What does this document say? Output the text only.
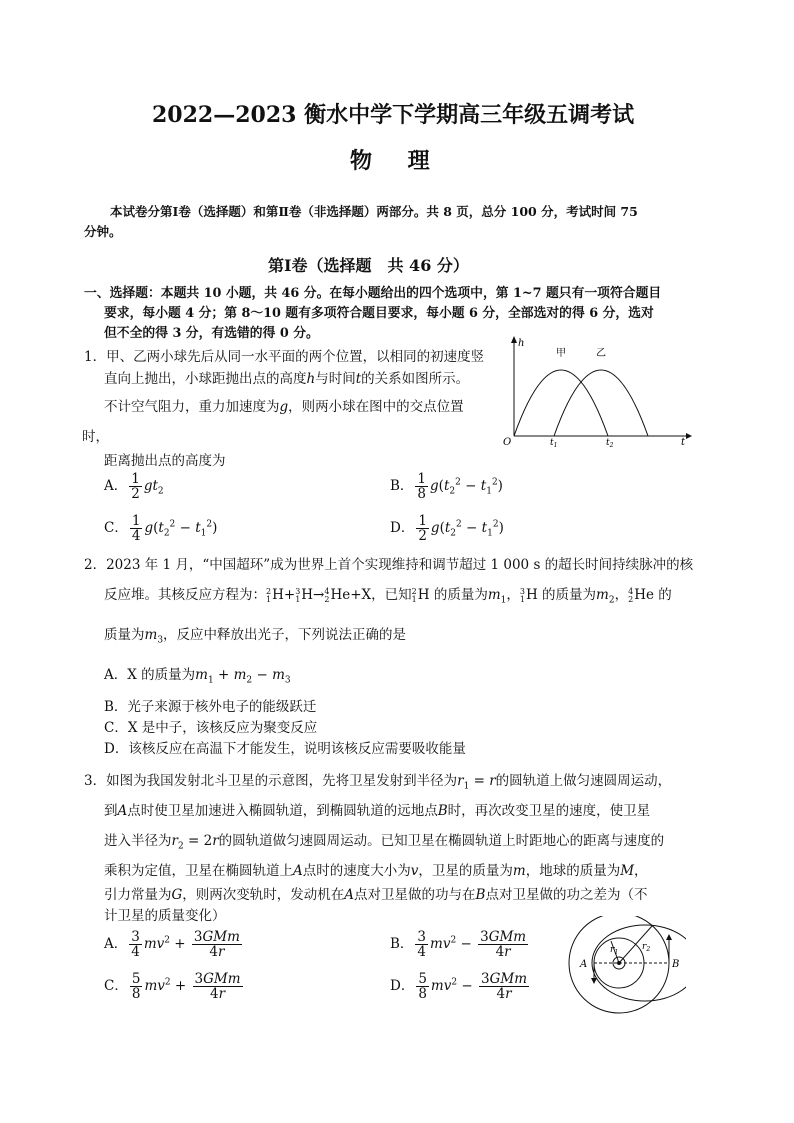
2022—2023 衡水中学下学期高三年级五调考试
物 理
本试卷分第Ⅰ卷（选择题）和第Ⅱ卷（非选择题）两部分。共 8 页，总分 100 分，考试时间 75
分钟。
第Ⅰ卷（选择题　共 46 分）
一、选择题：本题共 10 小题，共 46 分。在每小题给出的四个选项中，第 1~7 题只有一项符合题目
要求，每小题 4 分；第 8～10 题有多项符合题目要求，每小题 6 分，全部选对的得 6 分，选对
但不全的得 3 分，有选错的得 0 分。
1．甲、乙两小球先后从同一水平面的两个位置，以相同的初速度竖
直向上抛出，小球距抛出点的高度h与时间t的关系如图所示。
不计空气阻力，重力加速度为g，则两小球在图中的交点位置
时，
距离抛出点的高度为
h
t
O	$t_1$	$t_2$
甲	乙
A． $\frac{1}{2} gt_2$	B． $\frac{1}{8} g(t_2^2 - t_1^2)$
C． $\frac{1}{4} g(t_2^2 - t_1^2)$	D． $\frac{1}{2} g(t_2^2 - t_1^2)$
2．2023 年 1 月，“中国超环”成为世界上首个实现维持和调节超过 1 000 s 的超长时间持续脉冲的核
反应堆。其核反应方程为： 2
1 H+ 3
1 H→ 4
2 He+X，已知 2
1 H 的质量为$m_1$， 3
1 H 的质量为$m_2$， 4
2 He 的
质量为$m_3$，反应中释放出光子，下列说法正确的是
A．X 的质量为$m_1 + m_2 - m_3$
B．光子来源于核外电子的能级跃迁
C．X 是中子，该核反应为聚变反应
D．该核反应在高温下才能发生，说明该核反应需要吸收能量
3．如图为我国发射北斗卫星的示意图，先将卫星发射到半径为$r_1 = r$的圆轨道上做匀速圆周运动，
到A点时使卫星加速进入椭圆轨道，到椭圆轨道的远地点B时，再次改变卫星的速度，使卫星
进入半径为$r_2 = 2r$的圆轨道做匀速圆周运动。已知卫星在椭圆轨道上时距地心的距离与速度的
乘积为定值，卫星在椭圆轨道上A点时的速度大小为v，卫星的质量为m，地球的质量为M，
引力常量为G，则两次变轨时，发动机在A点对卫星做的功与在B点对卫星做的功之差为（不
计卫星的质量变化）
A． $\frac{3}{4} mv^2 + \frac{\text{3GMm}}{4r}$	B． $\frac{3}{4} mv^2 - \frac{\text{3GMm}}{4r}$
C． $\frac{5}{8} mv^2 + \frac{\text{3GMm}}{4r}$	D． $\frac{5}{8} mv^2 - \frac{\text{3GMm}}{4r}$
A	B
$r_1$
$r_2$
